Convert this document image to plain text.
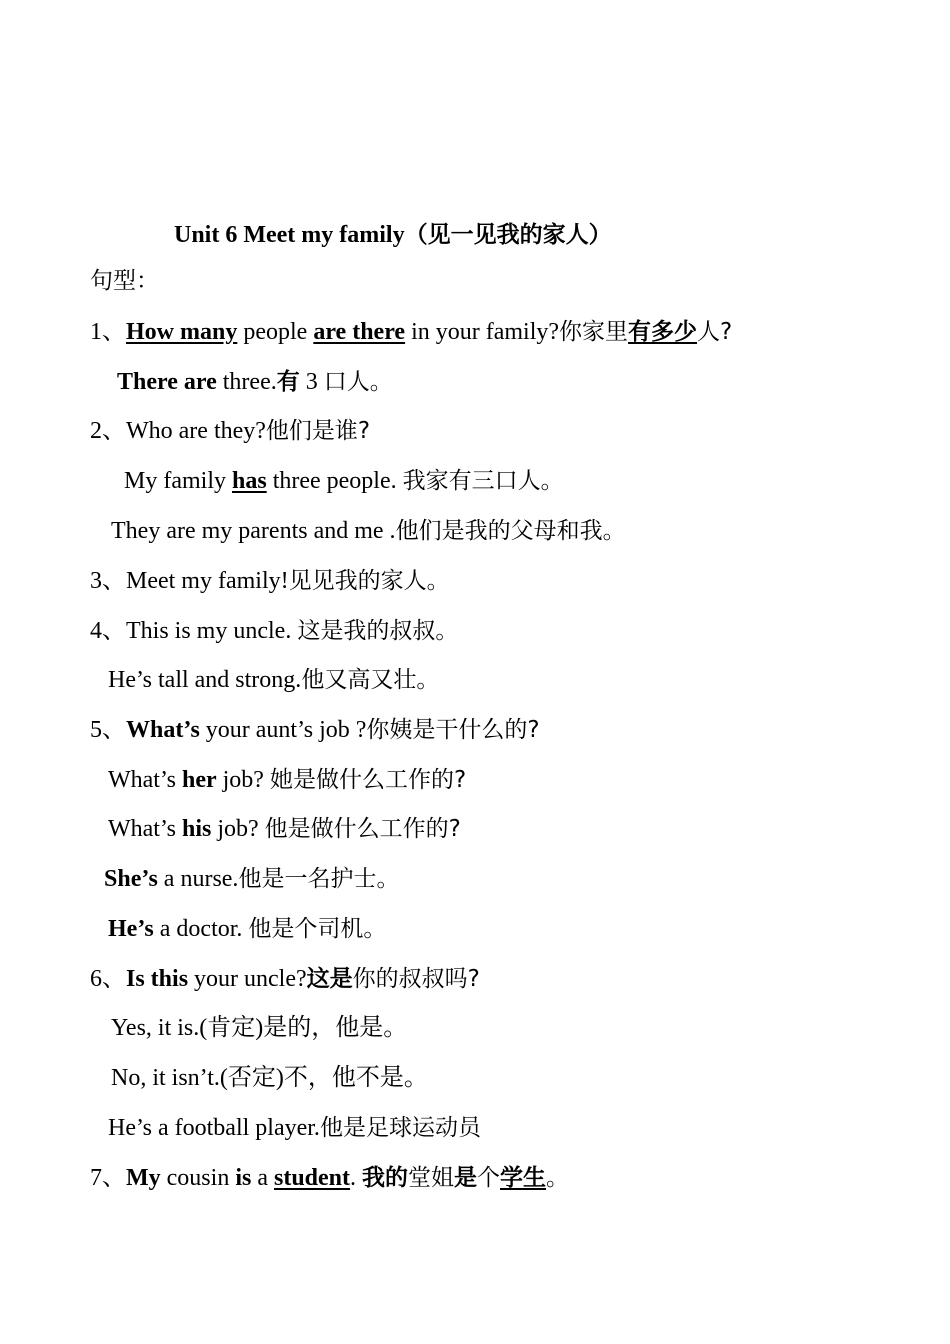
Unit 6 Meet my family（见一见我的家人）
句型：
1、How many people are there in your family?你家里有多少人?
There are three.有 3 口人。
2、Who are they?他们是谁?
My family has three people. 我家有三口人。
They are my parents and me .他们是我的父母和我。
3、Meet my family!见见我的家人。
4、This is my uncle. 这是我的叔叔。
He’s tall and strong.他又高又壮。
5、What’s your aunt’s job ?你姨是干什么的?
What’s her job? 她是做什么工作的?
What’s his job? 他是做什么工作的?
She’s a nurse.他是一名护士。
He’s a doctor. 他是个司机。
6、Is this your uncle?这是你的叔叔吗?
Yes, it is.(肯定)是的，他是。
No, it isn’t.(否定)不，他不是。
He’s a football player.他是足球运动员
7、My cousin is a student. 我的堂姐是个学生。
